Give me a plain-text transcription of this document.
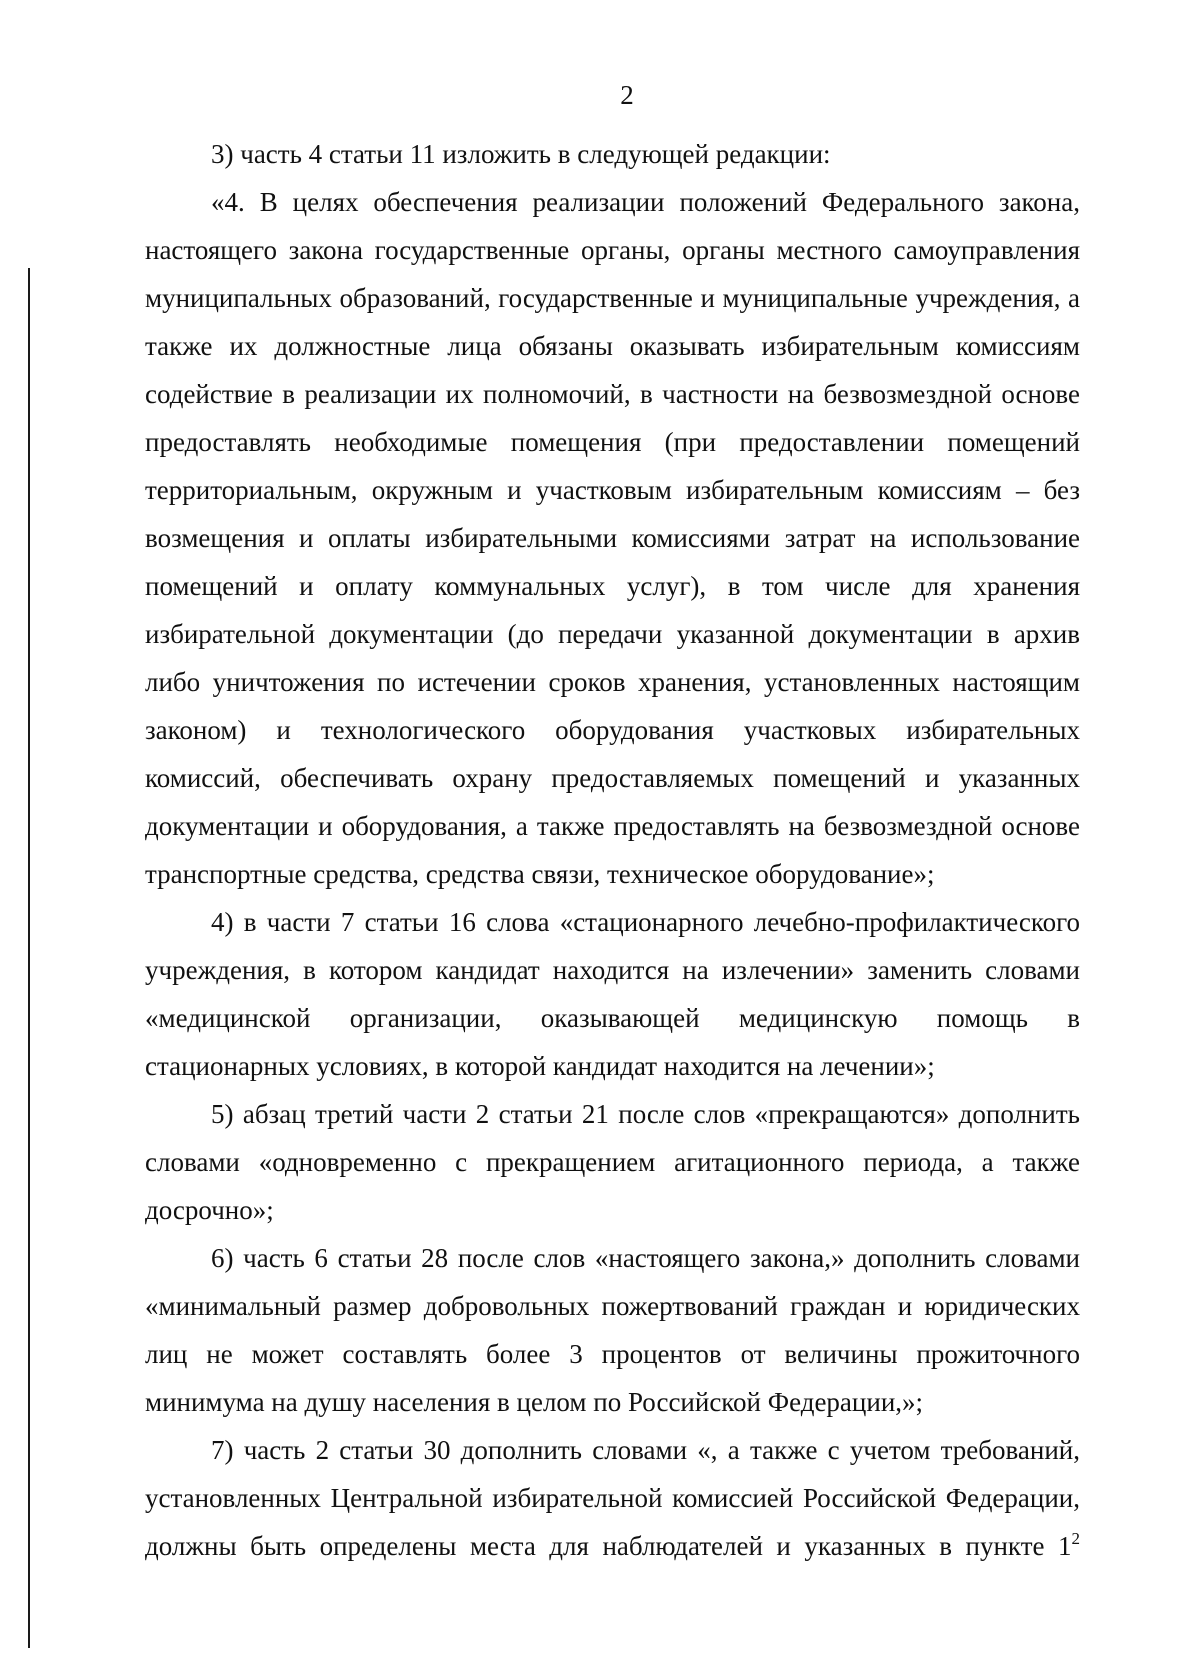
2

3) часть 4 статьи 11 изложить в следующей редакции:

«4. В целях обеспечения реализации положений Федерального закона, настоящего закона государственные органы, органы местного самоуправления муниципальных образований, государственные и муниципальные учреждения, а также их должностные лица обязаны оказывать избирательным комиссиям содействие в реализации их полномочий, в частности на безвозмездной основе предоставлять необходимые помещения (при предоставлении помещений территориальным, окружным и участковым избирательным комиссиям – без возмещения и оплаты избирательными комиссиями затрат на использование помещений и оплату коммунальных услуг), в том числе для хранения избирательной документации (до передачи указанной документации в архив либо уничтожения по истечении сроков хранения, установленных настоящим законом) и технологического оборудования участковых избирательных комиссий, обеспечивать охрану предоставляемых помещений и указанных документации и оборудования, а также предоставлять на безвозмездной основе транспортные средства, средства связи, техническое оборудование»;

4) в части 7 статьи 16 слова «стационарного лечебно-профилактического учреждения, в котором кандидат находится на излечении» заменить словами «медицинской организации, оказывающей медицинскую помощь в стационарных условиях, в которой кандидат находится на лечении»;

5) абзац третий части 2 статьи 21 после слов «прекращаются» дополнить словами «одновременно с прекращением агитационного периода, а также досрочно»;

6) часть 6 статьи 28 после слов «настоящего закона,» дополнить словами «минимальный размер добровольных пожертвований граждан и юридических лиц не может составлять более 3 процентов от величины прожиточного минимума на душу населения в целом по Российской Федерации,»;

7) часть 2 статьи 30 дополнить словами «, а также с учетом требований, установленных Центральной избирательной комиссией Российской Федерации, должны быть определены места для наблюдателей и указанных в пункте $1^2$
